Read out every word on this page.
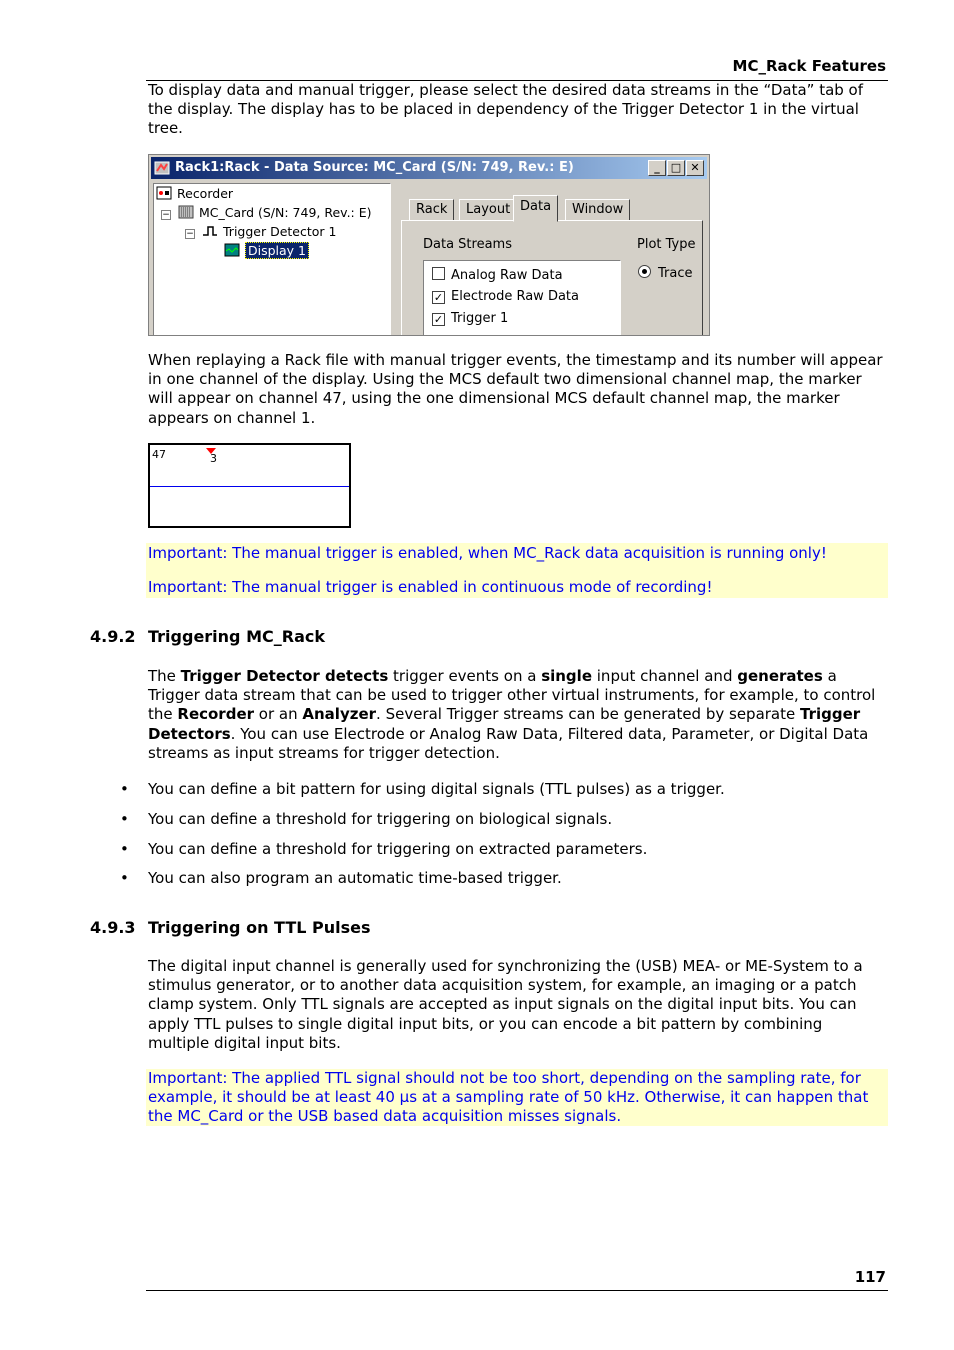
MC_Rack Features

To display data and manual trigger, please select the desired data streams in the “Data” tab of the display. The display has to be placed in dependency of the Trigger Detector 1 in the virtual tree.

Rack1:Rack - Data Source: MC_Card (S/N: 749, Rev.: E)	_	□ ✕
Recorder
−	MC_Card (S/N: 749, Rev.: E)
−	Trigger Detector 1
Display 1
Rack	Layout Data	Window
Data Streams	Plot Type
Analog Raw Data
✓ Electrode Raw Data
✓ Trigger 1
Trace

When replaying a Rack file with manual trigger events, the timestamp and its number will appear in one channel of the display. Using the MCS default two dimensional channel map, the marker will appear on channel 47, using the one dimensional MCS default channel map, the marker appears on channel 1.

47	3

Important: The manual trigger is enabled, when MC_Rack data acquisition is running only!

Important: The manual trigger is enabled in continuous mode of recording!

4.9.2 Triggering MC_Rack

The Trigger Detector detects trigger events on a single input channel and generates a Trigger data stream that can be used to trigger other virtual instruments, for example, to control the Recorder or an Analyzer. Several Trigger streams can be generated by separate Trigger Detectors. You can use Electrode or Analog Raw Data, Filtered data, Parameter, or Digital Data streams as input streams for trigger detection.

• You can define a bit pattern for using digital signals (TTL pulses) as a trigger.
• You can define a threshold for triggering on biological signals.
• You can define a threshold for triggering on extracted parameters.
• You can also program an automatic time-based trigger.
4.9.3 Triggering on TTL Pulses

The digital input channel is generally used for synchronizing the (USB) MEA- or ME-System to a stimulus generator, or to another data acquisition system, for example, an imaging or a patch clamp system. Only TTL signals are accepted as input signals on the digital input bits. You can apply TTL pulses to single digital input bits, or you can encode a bit pattern by combining multiple digital input bits.

Important: The applied TTL signal should not be too short, depending on the sampling rate, for example, it should be at least 40 µs at a sampling rate of 50 kHz. Otherwise, it can happen that the MC_Card or the USB based data acquisition misses signals.

117
